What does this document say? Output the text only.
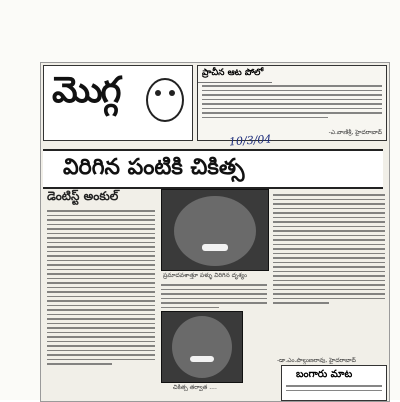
మొగ్గ	ప్రాచీన ఆట పోలో
-ఎ.వాణిశ్రీ, హైదరాబాద్
10/3/04
విరిగిన పంటికి చికిత్స
డెంటిస్ట్ అంకుల్
ప్రమాదవశాత్తూ పళ్ళు విరిగిన దృశ్యం
చికిత్స తర్వాత ....
-డా.ఎం.పాల్గుణరావు, హైదరాబాద్
బంగారు మాట
